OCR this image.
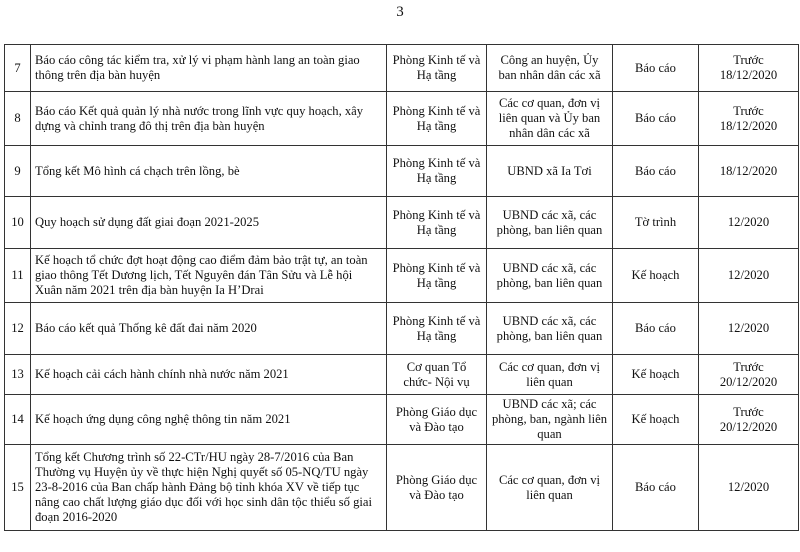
3
7	Báo cáo công tác kiểm tra, xử lý vi phạm hành lang an toàn giao thông trên địa bàn huyện	Phòng Kinh tế và Hạ tầng	Công an huyện, Ủy ban nhân dân các xã	Báo cáo	Trước 18/12/2020
8	Báo cáo Kết quả quản lý nhà nước trong lĩnh vực quy hoạch, xây dựng và chỉnh trang đô thị trên địa bàn huyện	Phòng Kinh tế và Hạ tầng	Các cơ quan, đơn vị liên quan và Ủy ban nhân dân các xã	Báo cáo	Trước 18/12/2020
9	Tổng kết Mô hình cá chạch trên lồng, bè	Phòng Kinh tế và Hạ tầng	UBND xã Ia Tơi	Báo cáo	18/12/2020
10	Quy hoạch sử dụng đất giai đoạn 2021-2025	Phòng Kinh tế và Hạ tầng	UBND các xã, các phòng, ban liên quan	Tờ trình	12/2020
11	Kế hoạch tổ chức đợt hoạt động cao điểm đảm bảo trật tự, an toàn giao thông Tết Dương lịch, Tết Nguyên đán Tân Sửu và Lễ hội Xuân năm 2021 trên địa bàn huyện Ia H’Drai	Phòng Kinh tế và Hạ tầng	UBND các xã, các phòng, ban liên quan	Kế hoạch	12/2020
12	Báo cáo kết quả Thống kê đất đai năm 2020	Phòng Kinh tế và Hạ tầng	UBND các xã, các phòng, ban liên quan	Báo cáo	12/2020
13	Kế hoạch cải cách hành chính nhà nước năm 2021	Cơ quan Tổ chức- Nội vụ	Các cơ quan, đơn vị liên quan	Kế hoạch	Trước 20/12/2020
14	Kế hoạch ứng dụng công nghệ thông tin năm 2021	Phòng Giáo dục và Đào tạo	UBND các xã; các phòng, ban, ngành liên quan	Kế hoạch	Trước 20/12/2020
15	Tổng kết Chương trình số 22-CTr/HU ngày 28-7/2016 của Ban Thường vụ Huyện ủy về thực hiện Nghị quyết số 05-NQ/TU ngày 23-8-2016 của Ban chấp hành Đảng bộ tỉnh khóa XV về tiếp tục nâng cao chất lượng giáo dục đối với học sinh dân tộc thiểu số giai đoạn 2016-2020	Phòng Giáo dục và Đào tạo	Các cơ quan, đơn vị liên quan	Báo cáo	12/2020
